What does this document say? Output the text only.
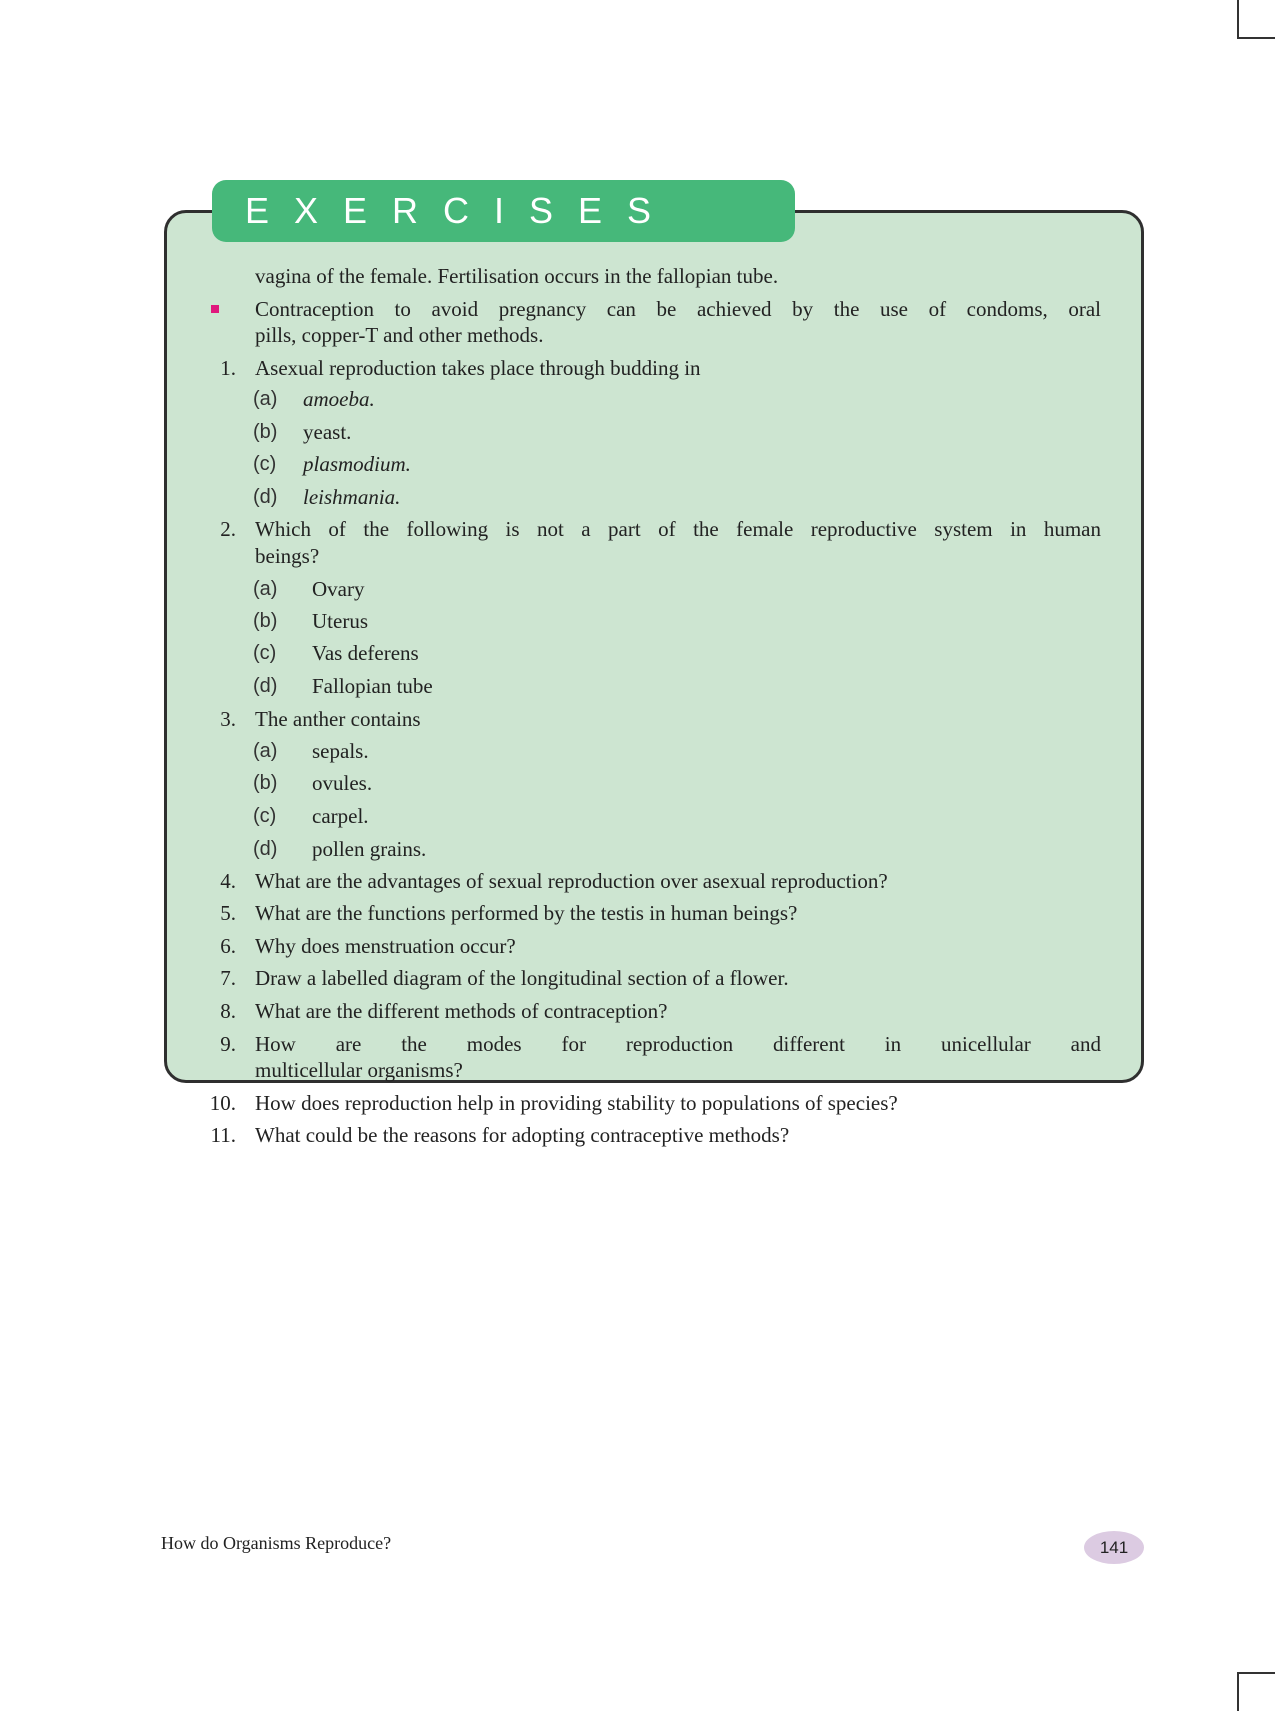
EXERCISES
vagina of the female. Fertilisation occurs in the fallopian tube.
Contraception to avoid pregnancy can be achieved by the use of condoms, oral
pills, copper-T and other methods.
1. Asexual reproduction takes place through budding in
(a) amoeba.
(b) yeast.
(c) plasmodium.
(d) leishmania.
2. Which of the following is not a part of the female reproductive system in human
beings?
(a) Ovary
(b) Uterus
(c) Vas deferens
(d) Fallopian tube
3. The anther contains
(a) sepals.
(b) ovules.
(c) carpel.
(d) pollen grains.
4. What are the advantages of sexual reproduction over asexual reproduction?
5. What are the functions performed by the testis in human beings?
6. Why does menstruation occur?
7. Draw a labelled diagram of the longitudinal section of a flower.
8. What are the different methods of contraception?
9. How are the modes for reproduction different in unicellular and
multicellular organisms?
10. How does reproduction help in providing stability to populations of species?
11. What could be the reasons for adopting contraceptive methods?
How do Organisms Reproduce?	141
